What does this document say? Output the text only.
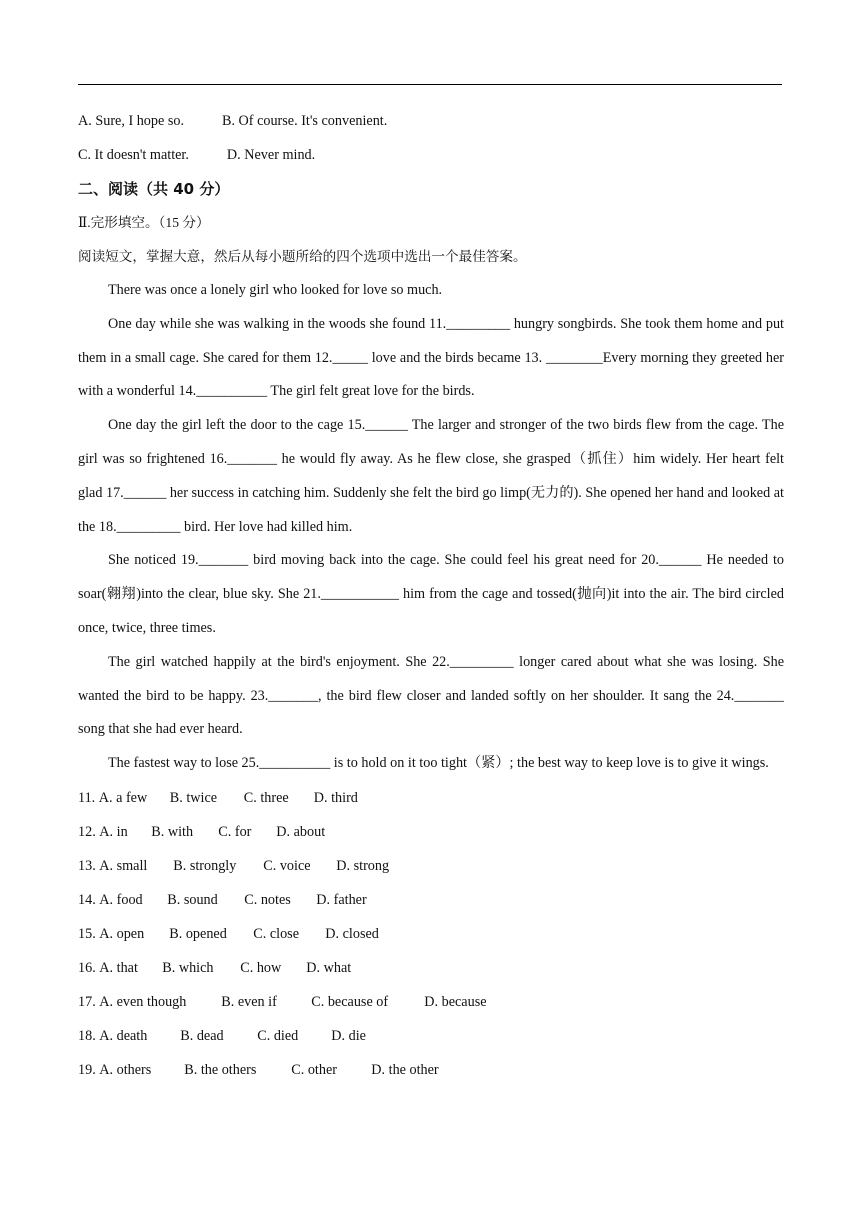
A. Sure, I hope so.	B. Of course. It's convenient.
C. It doesn't matter.	D. Never mind.
二、阅读（共 40 分）
Ⅱ.完形填空。（15 分）
阅读短文，掌握大意，然后从每小题所给的四个选项中选出一个最佳答案。

There was once a lonely girl who looked for love so much.

One day while she was walking in the woods she found 11._________ hungry songbirds. She took them home and put them in a small cage. She cared for them 12._____ love and the birds became 13. ________Every morning they greeted her with a wonderful 14.__________ The girl felt great love for the birds.

One day the girl left the door to the cage 15.______ The larger and stronger of the two birds flew from the cage. The girl was so frightened 16._______ he would fly away. As he flew close, she grasped（抓住）him widely. Her heart felt glad 17.______ her success in catching him. Suddenly she felt the bird go limp(无力的). She opened her hand and looked at the 18._________ bird. Her love had killed him.

She noticed 19._______ bird moving back into the cage. She could feel his great need for 20.______ He needed to soar(翱翔)into the clear, blue sky. She 21.___________ him from the cage and tossed(抛向)it into the air. The bird circled once, twice, three times.

The girl watched happily at the bird's enjoyment. She 22._________ longer cared about what she was losing. She wanted the bird to be happy. 23._______, the bird flew closer and landed softly on her shoulder. It sang the 24._______ song that she had ever heard.

The fastest way to lose 25.__________ is to hold on it too tight（紧）; the best way to keep love is to give it wings.

11. A. a few B. twice C. three D. third
12. A. in B. with C. for D. about
13. A. small B. strongly C. voice D. strong
14. A. food B. sound C. notes D. father
15. A. open B. opened C. close D. closed
16. A. that B. which C. how D. what
17. A. even though B. even if C. because of	D. because
18. A. death B. dead C. died D. die
19. A. others B. the others C. other D. the other
